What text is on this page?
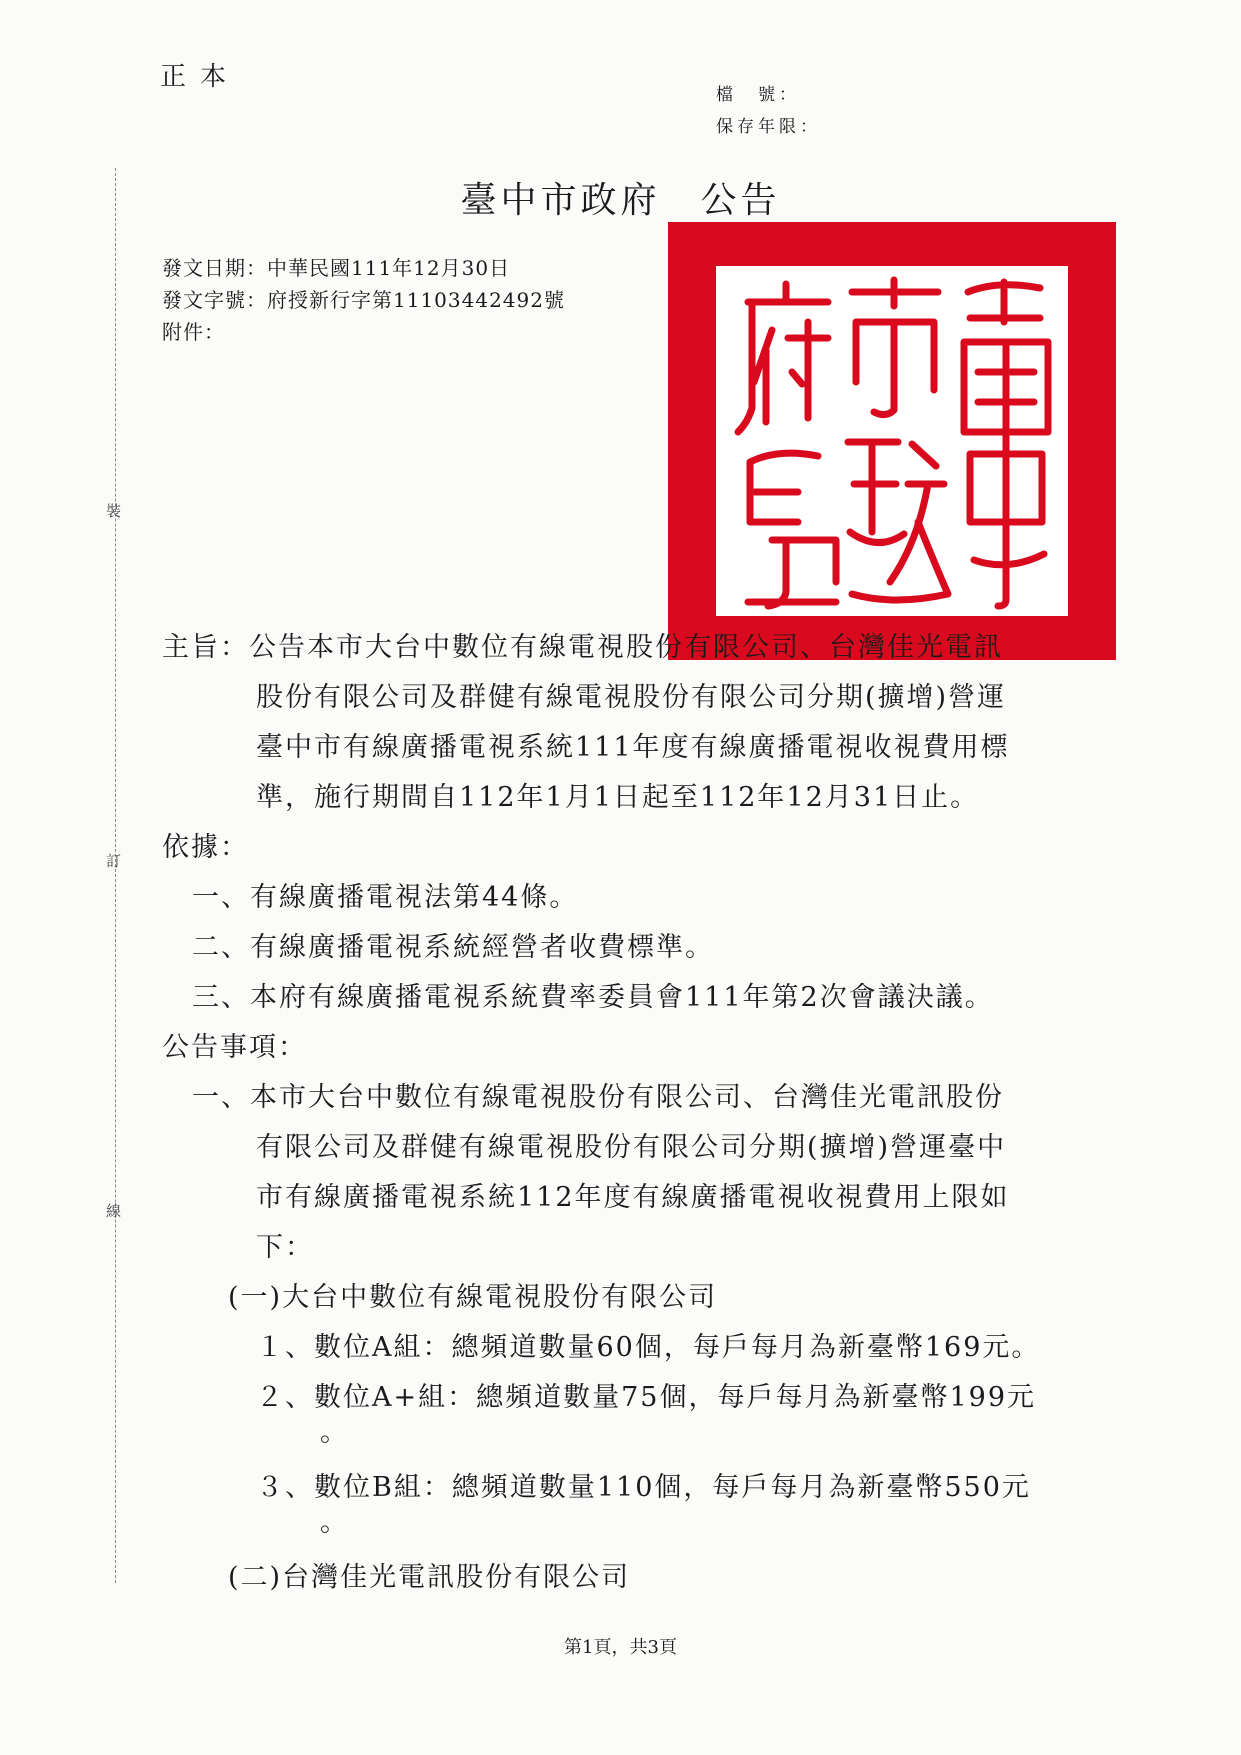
正本
檔　號：
保存年限：
臺中市政府　公告
發文日期：中華民國111年12月30日
發文字號：府授新行字第11103442492號
附件：
裝
訂
線
主旨：公告本市大台中數位有線電視股份有限公司、台灣佳光電訊
股份有限公司及群健有線電視股份有限公司分期(擴增)營運
臺中市有線廣播電視系統111年度有線廣播電視收視費用標
準，施行期間自112年1月1日起至112年12月31日止。
依據：
一、有線廣播電視法第44條。
二、有線廣播電視系統經營者收費標準。
三、本府有線廣播電視系統費率委員會111年第2次會議決議。
公告事項：
一、本市大台中數位有線電視股份有限公司、台灣佳光電訊股份
有限公司及群健有線電視股份有限公司分期(擴增)營運臺中
市有線廣播電視系統112年度有線廣播電視收視費用上限如
下：
(一)大台中數位有線電視股份有限公司
１、數位A組：總頻道數量60個，每戶每月為新臺幣169元。
２、數位A+組：總頻道數量75個，每戶每月為新臺幣199元
。
３、數位B組：總頻道數量110個，每戶每月為新臺幣550元
。
(二)台灣佳光電訊股份有限公司
第1頁，共3頁
